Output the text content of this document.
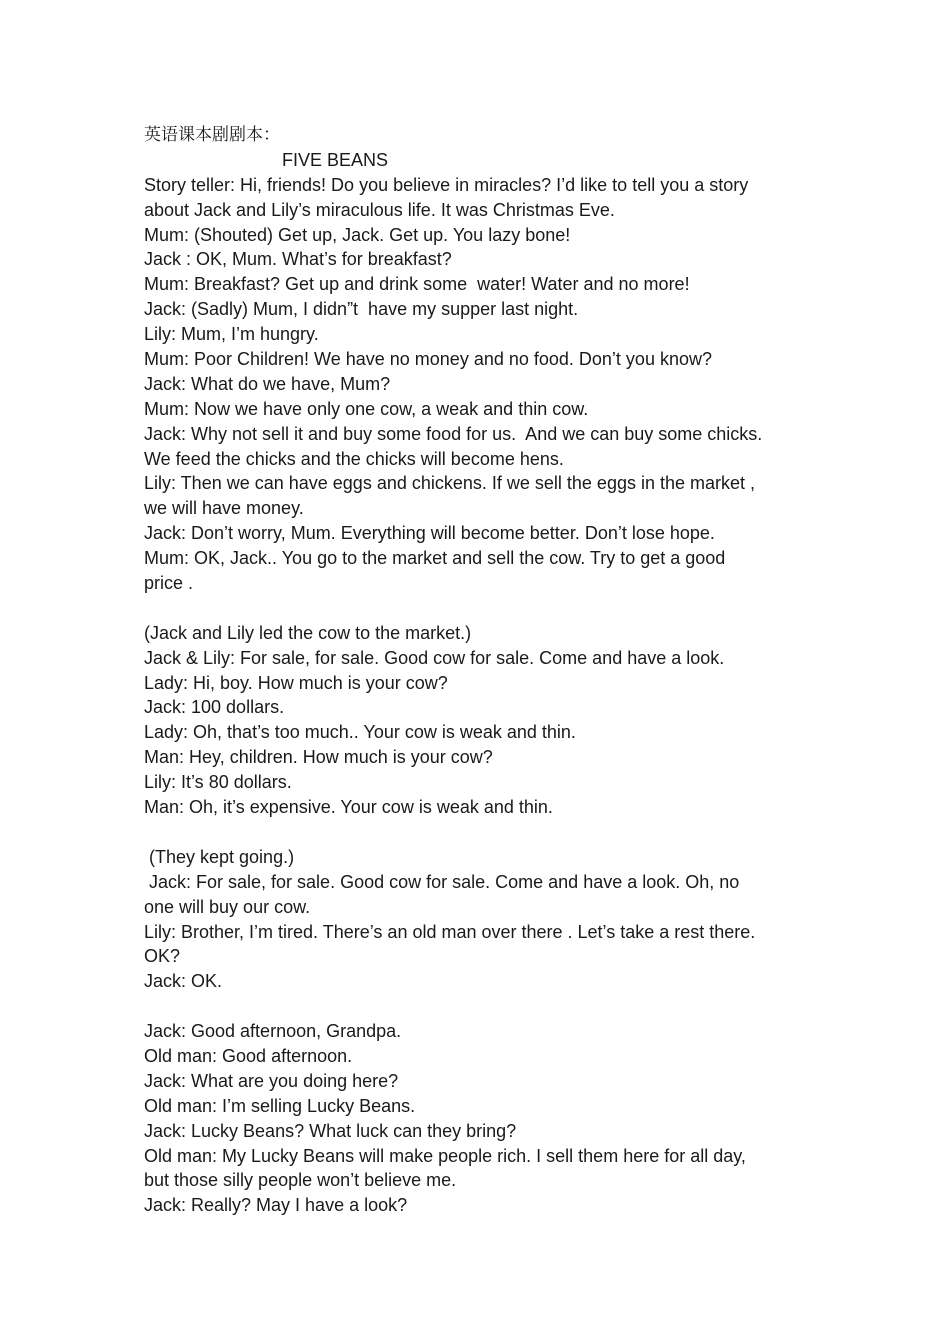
英语课本剧剧本：
FIVE BEANS
Story teller: Hi, friends! Do you believe in miracles? I’d like to tell you a story
about Jack and Lily’s miraculous life. It was Christmas Eve.
Mum: (Shouted) Get up, Jack. Get up. You lazy bone!
Jack : OK, Mum. What’s for breakfast?
Mum: Breakfast? Get up and drink some  water! Water and no more!
Jack: (Sadly) Mum, I didn”t  have my supper last night.
Lily: Mum, I’m hungry.
Mum: Poor Children! We have no money and no food. Don’t you know?
Jack: What do we have, Mum?
Mum: Now we have only one cow, a weak and thin cow.
Jack: Why not sell it and buy some food for us.  And we can buy some chicks.
We feed the chicks and the chicks will become hens.
Lily: Then we can have eggs and chickens. If we sell the eggs in the market ,
we will have money.
Jack: Don’t worry, Mum. Everything will become better. Don’t lose hope.
Mum: OK, Jack.. You go to the market and sell the cow. Try to get a good
price .
(Jack and Lily led the cow to the market.)
Jack & Lily: For sale, for sale. Good cow for sale. Come and have a look.
Lady: Hi, boy. How much is your cow?
Jack: 100 dollars.
Lady: Oh, that’s too much.. Your cow is weak and thin.
Man: Hey, children. How much is your cow?
Lily: It’s 80 dollars.
Man: Oh, it’s expensive. Your cow is weak and thin.
(They kept going.)
Jack: For sale, for sale. Good cow for sale. Come and have a look. Oh, no
one will buy our cow.
Lily: Brother, I’m tired. There’s an old man over there . Let’s take a rest there.
OK?
Jack: OK.
Jack: Good afternoon, Grandpa.
Old man: Good afternoon.
Jack: What are you doing here?
Old man: I’m selling Lucky Beans.
Jack: Lucky Beans? What luck can they bring?
Old man: My Lucky Beans will make people rich. I sell them here for all day,
but those silly people won’t believe me.
Jack: Really? May I have a look?
